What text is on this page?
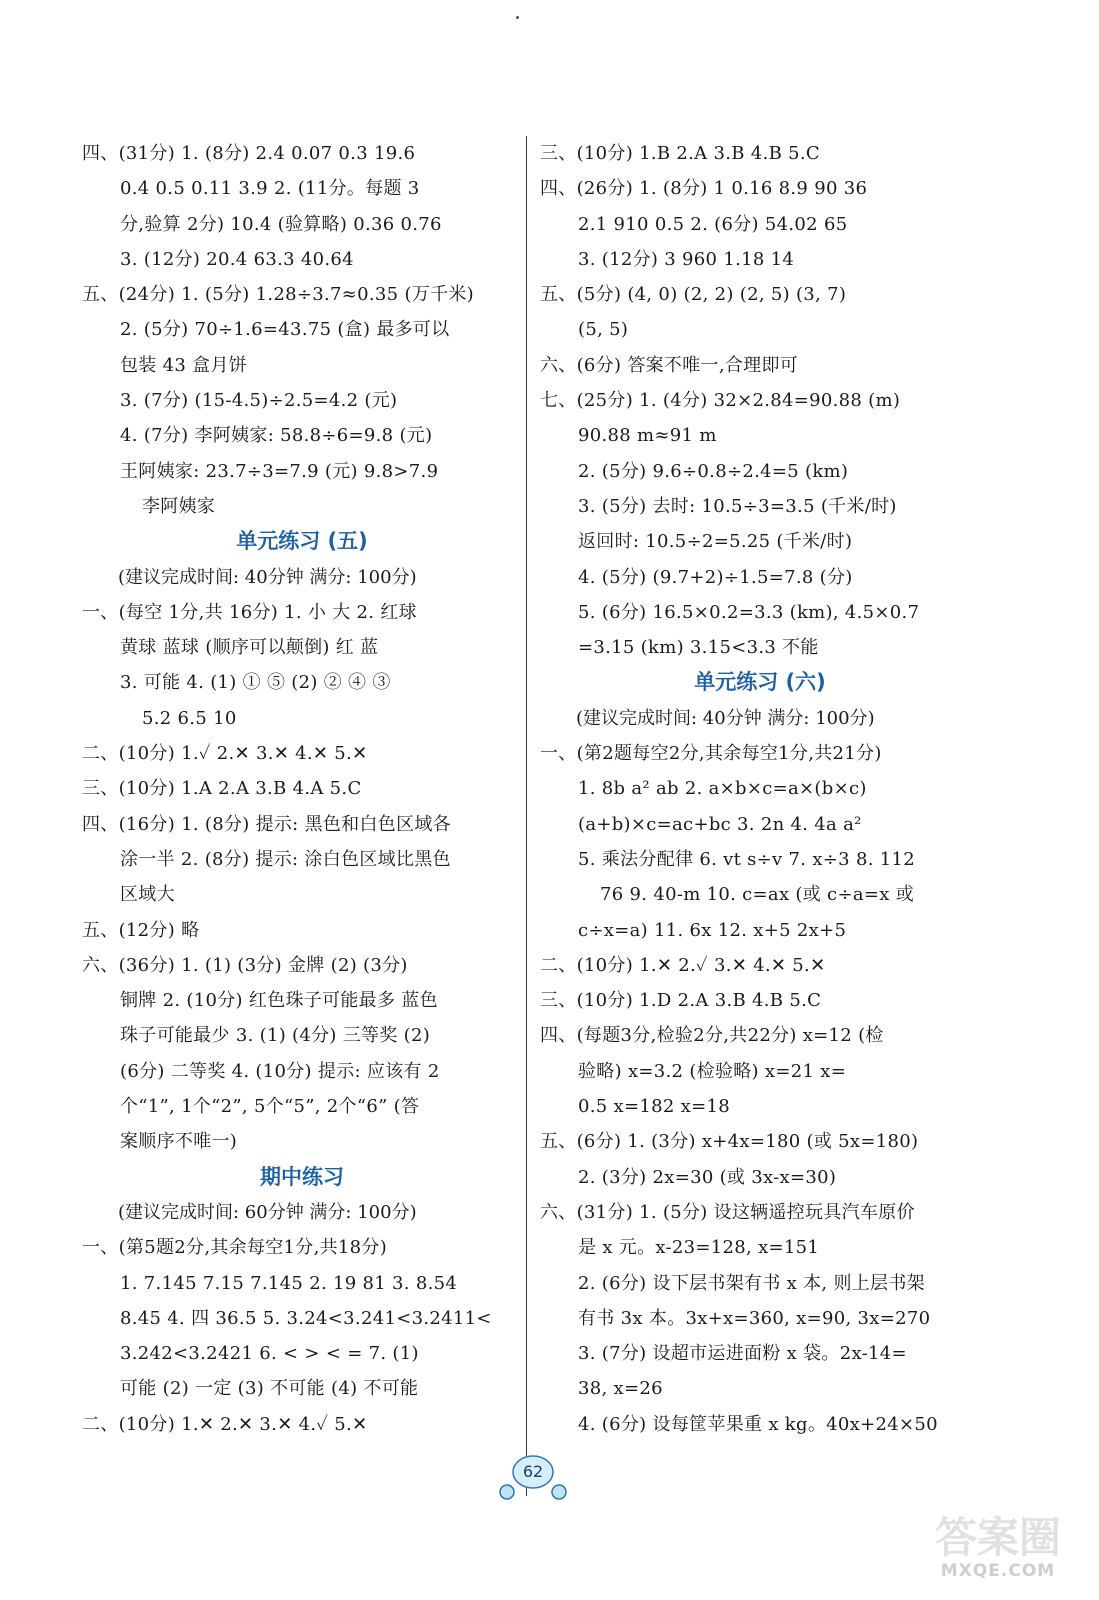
四、(31分) 1. (8分) 2.4 0.07 0.3 19.6
0.4 0.5 0.11 3.9 2. (11分。每题 3
分,验算 2分) 10.4 (验算略) 0.36 0.76
3. (12分) 20.4 63.3 40.64
五、(24分) 1. (5分) 1.28÷3.7≈0.35 (万千米)
2. (5分) 70÷1.6=43.75 (盒) 最多可以
包装 43 盒月饼
3. (7分) (15-4.5)÷2.5=4.2 (元)
4. (7分) 李阿姨家: 58.8÷6=9.8 (元)
王阿姨家: 23.7÷3=7.9 (元) 9.8>7.9
李阿姨家
单元练习 (五)
(建议完成时间: 40分钟 满分: 100分)
一、(每空 1分,共 16分) 1. 小 大 2. 红球
黄球 蓝球 (顺序可以颠倒) 红 蓝
3. 可能 4. (1) ① ⑤ (2) ② ④ ③
5.2 6.5 10
二、(10分) 1.✓ 2.✕ 3.✕ 4.✕ 5.✕
三、(10分) 1.A 2.A 3.B 4.A 5.C
四、(16分) 1. (8分) 提示: 黑色和白色区域各
涂一半 2. (8分) 提示: 涂白色区域比黑色
区域大
五、(12分) 略
六、(36分) 1. (1) (3分) 金牌 (2) (3分)
铜牌 2. (10分) 红色珠子可能最多 蓝色
珠子可能最少 3. (1) (4分) 三等奖 (2)
(6分) 二等奖 4. (10分) 提示: 应该有 2
个“1”, 1个“2”, 5个“5”, 2个“6” (答
案顺序不唯一)
期中练习
(建议完成时间: 60分钟 满分: 100分)
一、(第5题2分,其余每空1分,共18分)
1. 7.145 7.15 7.145 2. 19 81 3. 8.54
8.45 4. 四 36.5 5. 3.24<3.241<3.2411<
3.242<3.2421 6. < > < = 7. (1)
可能 (2) 一定 (3) 不可能 (4) 不可能
二、(10分) 1.✕ 2.✕ 3.✕ 4.✓ 5.✕
三、(10分) 1.B 2.A 3.B 4.B 5.C
四、(26分) 1. (8分) 1 0.16 8.9 90 36
2.1 910 0.5 2. (6分) 54.02 65
3. (12分) 3 960 1.18 14
五、(5分) (4, 0) (2, 2) (2, 5) (3, 7)
(5, 5)
六、(6分) 答案不唯一,合理即可
七、(25分) 1. (4分) 32×2.84=90.88 (m)
90.88 m≈91 m
2. (5分) 9.6÷0.8÷2.4=5 (km)
3. (5分) 去时: 10.5÷3=3.5 (千米/时)
返回时: 10.5÷2=5.25 (千米/时)
4. (5分) (9.7+2)÷1.5=7.8 (分)
5. (6分) 16.5×0.2=3.3 (km), 4.5×0.7
=3.15 (km) 3.15<3.3 不能
单元练习 (六)
(建议完成时间: 40分钟 满分: 100分)
一、(第2题每空2分,其余每空1分,共21分)
1. 8b a² ab 2. a×b×c=a×(b×c)
(a+b)×c=ac+bc 3. 2n 4. 4a a²
5. 乘法分配律 6. vt s÷v 7. x÷3 8. 112
76 9. 40-m 10. c=ax (或 c÷a=x 或
c÷x=a) 11. 6x 12. x+5 2x+5
二、(10分) 1.✕ 2.✓ 3.✕ 4.✕ 5.✕
三、(10分) 1.D 2.A 3.B 4.B 5.C
四、(每题3分,检验2分,共22分) x=12 (检
验略) x=3.2 (检验略) x=21 x=
0.5 x=182 x=18
五、(6分) 1. (3分) x+4x=180 (或 5x=180)
2. (3分) 2x=30 (或 3x-x=30)
六、(31分) 1. (5分) 设这辆遥控玩具汽车原价
是 x 元。x-23=128, x=151
2. (6分) 设下层书架有书 x 本, 则上层书架
有书 3x 本。3x+x=360, x=90, 3x=270
3. (7分) 设超市运进面粉 x 袋。2x-14=
38, x=26
4. (6分) 设每筐苹果重 x kg。40x+24×50
62
答案圈
MXQE.COM
